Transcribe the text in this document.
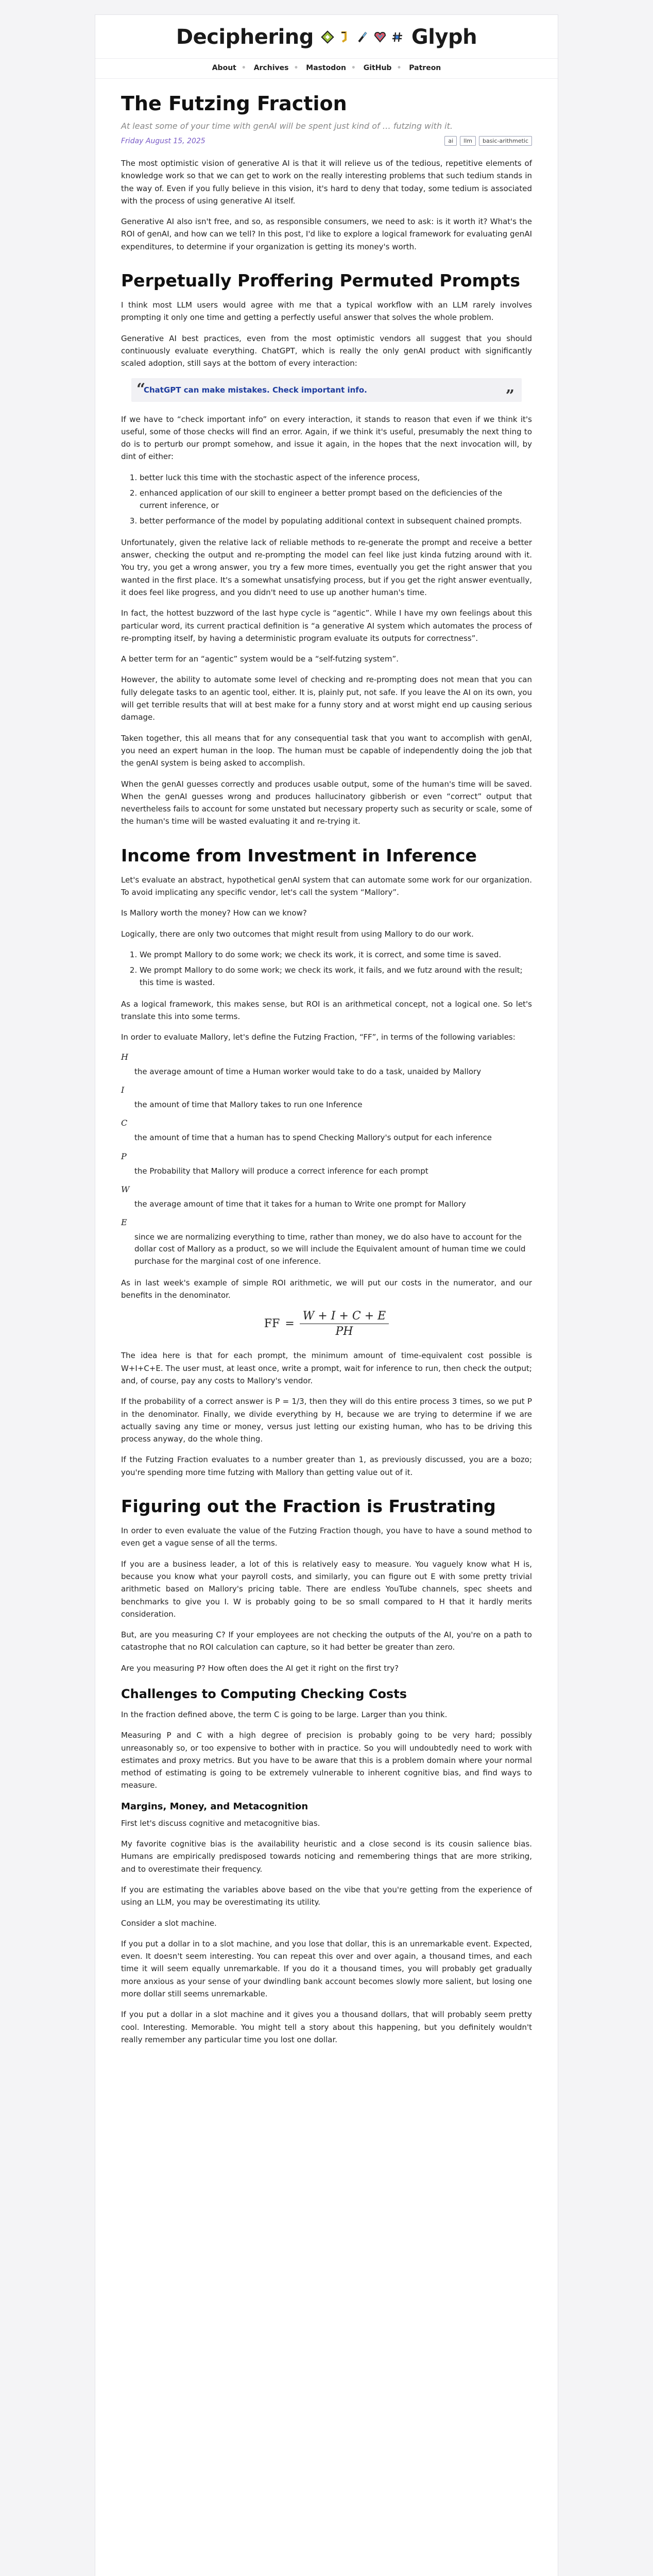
Deciphering	Glyph
About • Archives • Mastodon • GitHub • Patreon
The Futzing Fraction
At least some of your time with genAI will be spent just kind of … futzing with it.
Friday August 15, 2025	ai	llm	basic-arithmetic

The most optimistic vision of generative AI is that it will relieve us of the tedious, repetitive elements of knowledge work so that we can get to work on the really interesting problems that such tedium stands in the way of. Even if you fully believe in this vision, it's hard to deny that today, some tedium is associated with the process of using generative AI itself.

Generative AI also isn't free, and so, as responsible consumers, we need to ask: is it worth it? What's the ROI of genAI, and how can we tell? In this post, I'd like to explore a logical framework for evaluating genAI expenditures, to determine if your organization is getting its money's worth.

Perpetually Proffering Permuted Prompts

I think most LLM users would agree with me that a typical workflow with an LLM rarely involves prompting it only one time and getting a perfectly useful answer that solves the whole problem.

Generative AI best practices, even from the most optimistic vendors all suggest that you should continuously evaluate everything. ChatGPT, which is really the only genAI product with significantly scaled adoption, still says at the bottom of every interaction:

“
ChatGPT can make mistakes. Check important info.	”

If we have to “check important info” on every interaction, it stands to reason that even if we think it's useful, some of those checks will find an error. Again, if we think it's useful, presumably the next thing to do is to perturb our prompt somehow, and issue it again, in the hopes that the next invocation will, by dint of either:

1. better luck this time with the stochastic aspect of the inference process,
2. enhanced application of our skill to engineer a better prompt based on the deficiencies of the current inference, or
3. better performance of the model by populating additional context in subsequent chained prompts.

Unfortunately, given the relative lack of reliable methods to re-generate the prompt and receive a better answer, checking the output and re-prompting the model can feel like just kinda futzing around with it. You try, you get a wrong answer, you try a few more times, eventually you get the right answer that you wanted in the first place. It's a somewhat unsatisfying process, but if you get the right answer eventually, it does feel like progress, and you didn't need to use up another human's time.

In fact, the hottest buzzword of the last hype cycle is “agentic”. While I have my own feelings about this particular word, its current practical definition is “a generative AI system which automates the process of re-prompting itself, by having a deterministic program evaluate its outputs for correctness”.

A better term for an “agentic” system would be a “self-futzing system”.

However, the ability to automate some level of checking and re-prompting does not mean that you can fully delegate tasks to an agentic tool, either. It is, plainly put, not safe. If you leave the AI on its own, you will get terrible results that will at best make for a funny story and at worst might end up causing serious damage.

Taken together, this all means that for any consequential task that you want to accomplish with genAI, you need an expert human in the loop. The human must be capable of independently doing the job that the genAI system is being asked to accomplish.

When the genAI guesses correctly and produces usable output, some of the human's time will be saved. When the genAI guesses wrong and produces hallucinatory gibberish or even “correct” output that nevertheless fails to account for some unstated but necessary property such as security or scale, some of the human's time will be wasted evaluating it and re-trying it.

Income from Investment in Inference

Let's evaluate an abstract, hypothetical genAI system that can automate some work for our organization. To avoid implicating any specific vendor, let's call the system “Mallory”.

Is Mallory worth the money? How can we know?

Logically, there are only two outcomes that might result from using Mallory to do our work.

1. We prompt Mallory to do some work; we check its work, it is correct, and some time is saved.
2. We prompt Mallory to do some work; we check its work, it fails, and we futz around with the result; this time is wasted.

As a logical framework, this makes sense, but ROI is an arithmetical concept, not a logical one. So let's translate this into some terms.

In order to evaluate Mallory, let's define the Futzing Fraction, “FF”, in terms of the following variables:

H
the average amount of time a Human worker would take to do a task, unaided by Mallory
I
the amount of time that Mallory takes to run one Inference
C
the amount of time that a human has to spend Checking Mallory's output for each inference
P
the Probability that Mallory will produce a correct inference for each prompt
W
the average amount of time that it takes for a human to Write one prompt for Mallory
E
since we are normalizing everything to time, rather than money, we do also have to account for the dollar cost of Mallory as a product, so we will include the Equivalent amount of human time we could purchase for the marginal cost of one inference.

As in last week's example of simple ROI arithmetic, we will put our costs in the numerator, and our benefits in the denominator.

FF = $\frac{W + I + C + E}{PH}$

The idea here is that for each prompt, the minimum amount of time-equivalent cost possible is W+I+C+E. The user must, at least once, write a prompt, wait for inference to run, then check the output; and, of course, pay any costs to Mallory's vendor.

If the probability of a correct answer is P = 1/3, then they will do this entire process 3 times, so we put P in the denominator. Finally, we divide everything by H, because we are trying to determine if we are actually saving any time or money, versus just letting our existing human, who has to be driving this process anyway, do the whole thing.

If the Futzing Fraction evaluates to a number greater than 1, as previously discussed, you are a bozo; you're spending more time futzing with Mallory than getting value out of it.

Figuring out the Fraction is Frustrating

In order to even evaluate the value of the Futzing Fraction though, you have to have a sound method to even get a vague sense of all the terms.

If you are a business leader, a lot of this is relatively easy to measure. You vaguely know what H is, because you know what your payroll costs, and similarly, you can figure out E with some pretty trivial arithmetic based on Mallory's pricing table. There are endless YouTube channels, spec sheets and benchmarks to give you I. W is probably going to be so small compared to H that it hardly merits consideration.

But, are you measuring C? If your employees are not checking the outputs of the AI, you're on a path to catastrophe that no ROI calculation can capture, so it had better be greater than zero.

Are you measuring P? How often does the AI get it right on the first try?

Challenges to Computing Checking Costs

In the fraction defined above, the term C is going to be large. Larger than you think.

Measuring P and C with a high degree of precision is probably going to be very hard; possibly unreasonably so, or too expensive to bother with in practice. So you will undoubtedly need to work with estimates and proxy metrics. But you have to be aware that this is a problem domain where your normal method of estimating is going to be extremely vulnerable to inherent cognitive bias, and find ways to measure.

Margins, Money, and Metacognition

First let's discuss cognitive and metacognitive bias.

My favorite cognitive bias is the availability heuristic and a close second is its cousin salience bias. Humans are empirically predisposed towards noticing and remembering things that are more striking, and to overestimate their frequency.

If you are estimating the variables above based on the vibe that you're getting from the experience of using an LLM, you may be overestimating its utility.

Consider a slot machine.

If you put a dollar in to a slot machine, and you lose that dollar, this is an unremarkable event. Expected, even. It doesn't seem interesting. You can repeat this over and over again, a thousand times, and each time it will seem equally unremarkable. If you do it a thousand times, you will probably get gradually more anxious as your sense of your dwindling bank account becomes slowly more salient, but losing one more dollar still seems unremarkable.

If you put a dollar in a slot machine and it gives you a thousand dollars, that will probably seem pretty cool. Interesting. Memorable. You might tell a story about this happening, but you definitely wouldn't really remember any particular time you lost one dollar.
